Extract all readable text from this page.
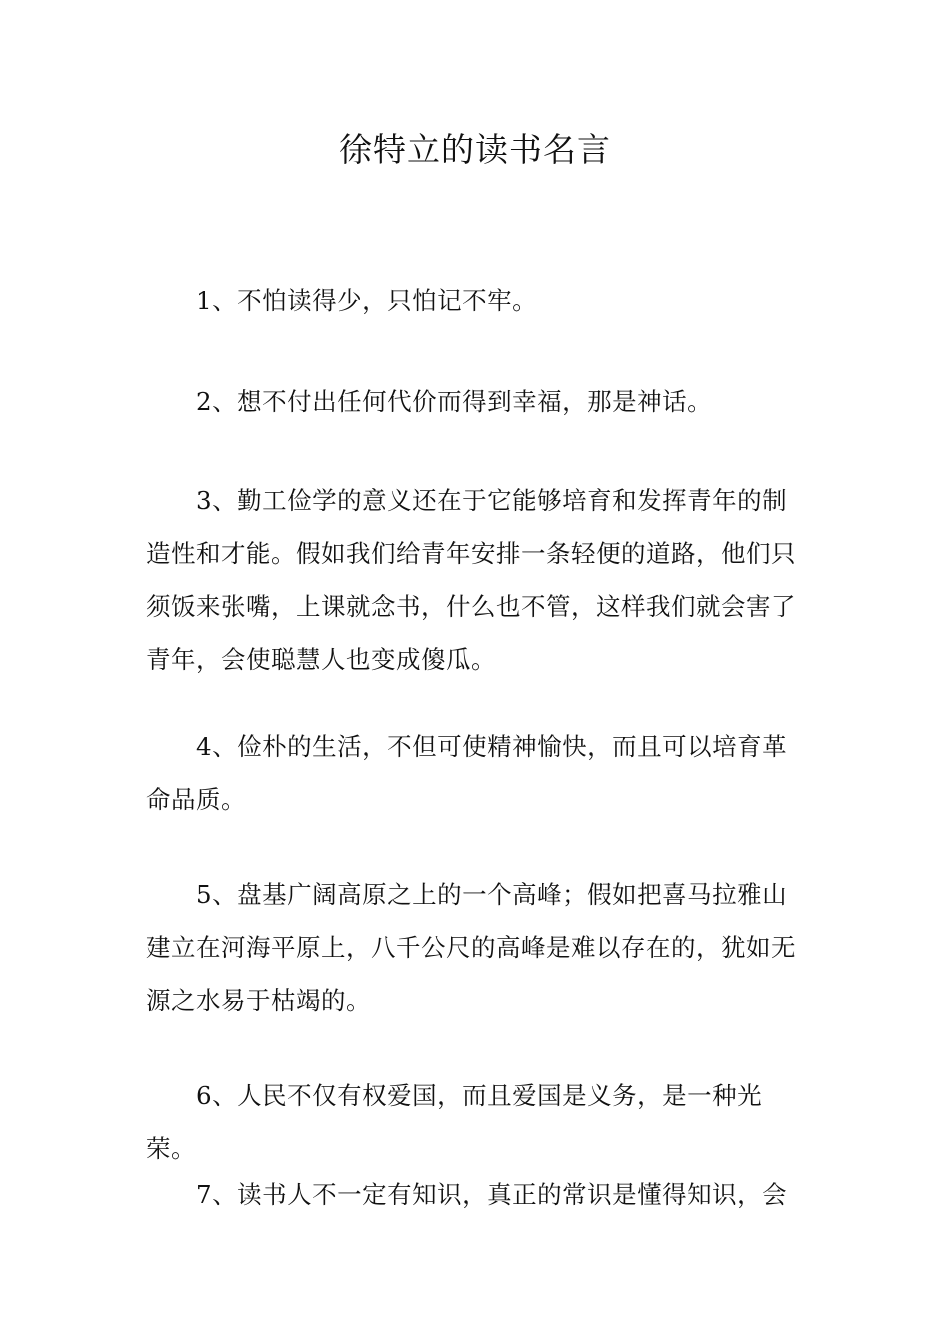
徐特立的读书名言

1、不怕读得少，只怕记不牢。

2、想不付出任何代价而得到幸福，那是神话。

3、勤工俭学的意义还在于它能够培育和发挥青年的制造性和才能。假如我们给青年安排一条轻便的道路，他们只须饭来张嘴，上课就念书，什么也不管，这样我们就会害了青年，会使聪慧人也变成傻瓜。

4、俭朴的生活，不但可使精神愉快，而且可以培育革命品质。

5、盘基广阔高原之上的一个高峰；假如把喜马拉雅山建立在河海平原上，八千公尺的高峰是难以存在的，犹如无源之水易于枯竭的。

6、人民不仅有权爱国，而且爱国是义务，是一种光荣。

7、读书人不一定有知识，真正的常识是懂得知识，会
